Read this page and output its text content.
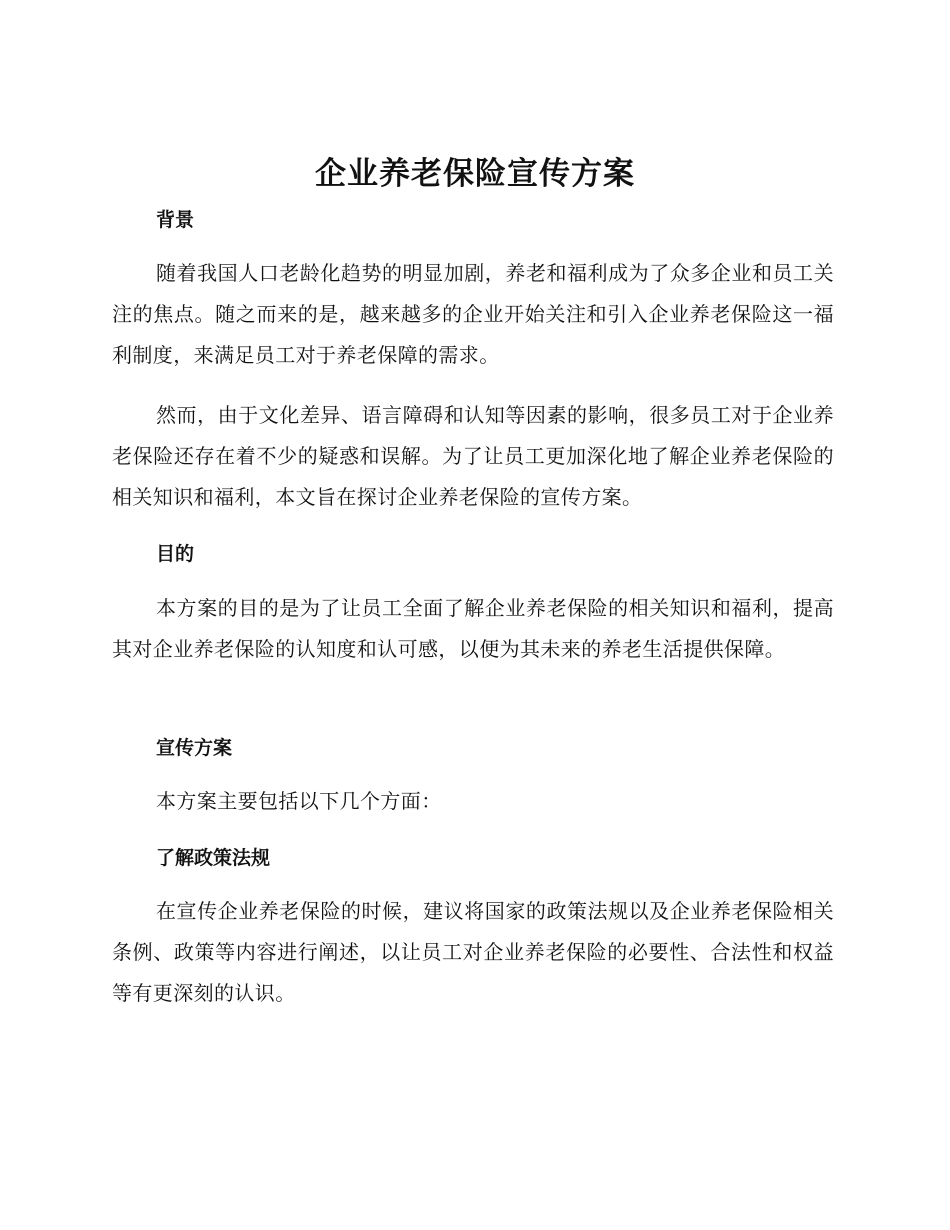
企业养老保险宣传方案
背景

随着我国人口老龄化趋势的明显加剧，养老和福利成为了众多企业和员工关注的焦点。随之而来的是，越来越多的企业开始关注和引入企业养老保险这一福利制度，来满足员工对于养老保障的需求。

然而，由于文化差异、语言障碍和认知等因素的影响，很多员工对于企业养老保险还存在着不少的疑惑和误解。为了让员工更加深化地了解企业养老保险的相关知识和福利，本文旨在探讨企业养老保险的宣传方案。

目的

本方案的目的是为了让员工全面了解企业养老保险的相关知识和福利，提高其对企业养老保险的认知度和认可感，以便为其未来的养老生活提供保障。

宣传方案

本方案主要包括以下几个方面：

了解政策法规

在宣传企业养老保险的时候，建议将国家的政策法规以及企业养老保险相关条例、政策等内容进行阐述，以让员工对企业养老保险的必要性、合法性和权益等有更深刻的认识。
